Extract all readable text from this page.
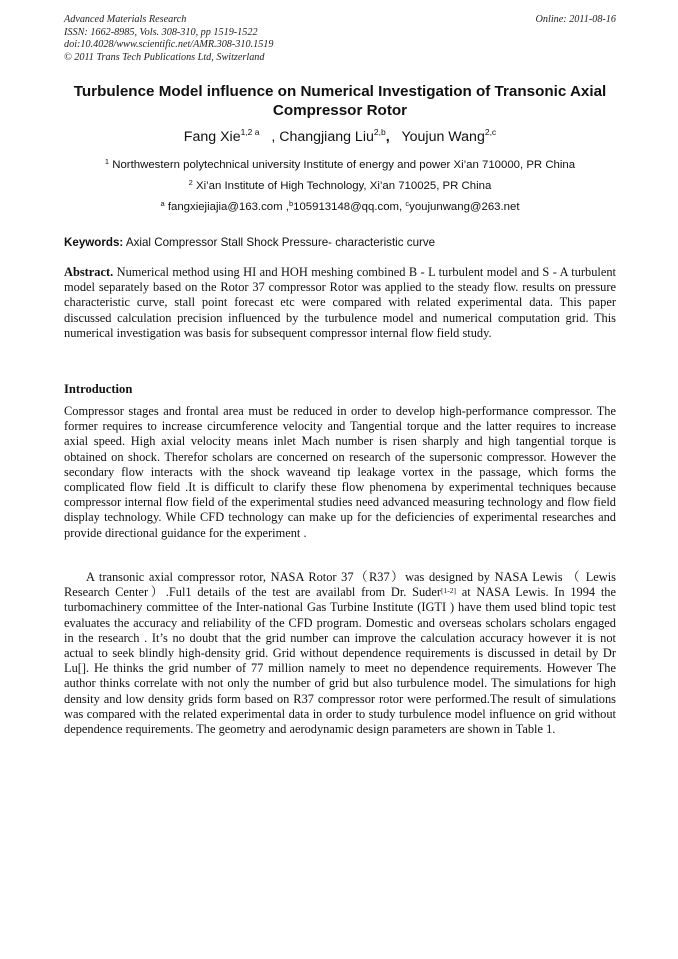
Advanced Materials Research
ISSN: 1662-8985, Vols. 308-310, pp 1519-1522
doi:10.4028/www.scientific.net/AMR.308-310.1519
© 2011 Trans Tech Publications Ltd, Switzerland
Online: 2011-08-16
Turbulence Model influence on Numerical Investigation of Transonic Axial Compressor Rotor
Fang Xie$^{1,2 a}$ , Changjiang Liu$^{2,b}$, Youjun Wang$^{2,c}$
$^1$ Northwestern polytechnical university Institute of energy and power Xi’an 710000, PR China
$^2$ Xi’an Institute of High Technology, Xi’an 710025, PR China
$^a$ fangxiejiajia@163.com ,$^b$105913148@qq.com, $^c$youjunwang@263.net
Keywords: Axial Compressor Stall Shock Pressure- characteristic curve
Abstract. Numerical method using HI and HOH meshing combined B - L turbulent model and S - A turbulent model separately based on the Rotor 37 compressor Rotor was applied to the steady flow. results on pressure characteristic curve, stall point forecast etc were compared with related experimental data. This paper discussed calculation precision influenced by the turbulence model and numerical computation grid. This numerical investigation was basis for subsequent compressor internal flow field study.
Introduction
Compressor stages and frontal area must be reduced in order to develop high-performance compressor. The former requires to increase circumference velocity and Tangential torque and the latter requires to increase axial speed. High axial velocity means inlet Mach number is risen sharply and high tangential torque is obtained on shock. Therefor scholars are concerned on research of the supersonic compressor. However the secondary flow interacts with the shock waveand tip leakage vortex in the passage, which forms the complicated flow field .It is difficult to clarify these flow phenomena by experimental techniques because compressor internal flow field of the experimental studies need advanced measuring technology and flow field display technology. While CFD technology can make up for the deficiencies of experimental researches and provide directional guidance for the experiment .
A transonic axial compressor rotor, NASA Rotor 37（R37）was designed by NASA Lewis （ Lewis Research Center）.Ful1 details of the test are availabl from Dr. Suder[1-2] at NASA Lewis. In 1994 the turbomachinery committee of the Inter-national Gas Turbine Institute (IGTI ) have them used blind topic test evaluates the accuracy and reliability of the CFD program. Domestic and overseas scholars scholars engaged in the research . It’s no doubt that the grid number can improve the calculation accuracy however it is not actual to seek blindly high-density grid. Grid without dependence requirements is discussed in detail by Dr Lu[]. He thinks the grid number of 77 million namely to meet no dependence requirements. However The author thinks correlate with not only the number of grid but also turbulence model. The simulations for high density and low density grids form based on R37 compressor rotor were performed.The result of simulations was compared with the related experimental data in order to study turbulence model influence on grid without dependence requirements. The geometry and aerodynamic design parameters are shown in Table 1.
